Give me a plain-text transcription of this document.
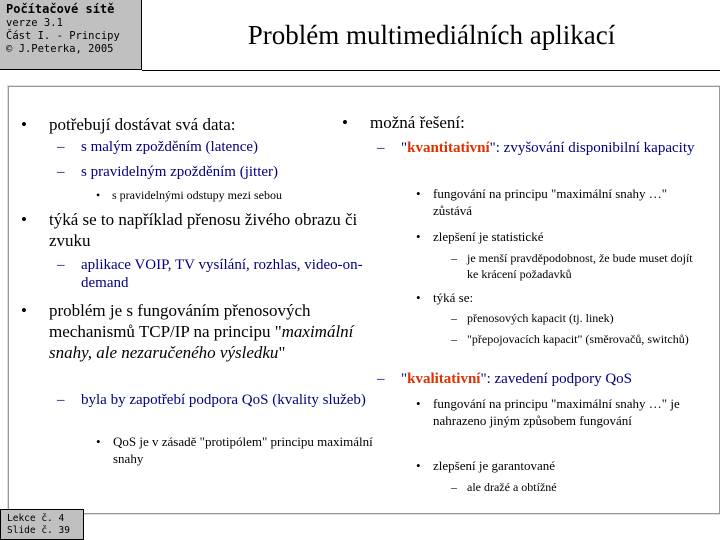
Počítačové sítě
verze 3.1
Část I. - Principy
© J.Peterka, 2005	Problém multimediálních aplikací
• potřebují dostávat svá data:
– s malým zpožděním (latence)
– s pravidelným zpožděním (jitter)
• s pravidelnými odstupy mezi sebou
• týká se to například přenosu živého obrazu či zvuku
– aplikace VOIP, TV vysílání, rozhlas, video-on-demand
• problém je s fungováním přenosových mechanismů TCP/IP na principu "maximální snahy, ale nezaručeného výsledku"
– byla by zapotřebí podpora QoS (kvality služeb)
• QoS je v zásadě "protipólem" principu maximální snahy
• možná řešení:
– "kvantitativní": zvyšování disponibilní kapacity
• fungování na principu "maximální snahy …" zůstává
• zlepšení je statistické
– je menší pravděpodobnost, že bude muset dojít ke krácení požadavků
• týká se:
– přenosových kapacit (tj. linek)
– "přepojovacích kapacit" (směrovačů, switchů)
– "kvalitativní": zavedení podpory QoS
• fungování na principu "maximální snahy …" je nahrazeno jiným způsobem fungování
• zlepšení je garantované
– ale dražé a obtížné
Lekce č. 4
Slide č. 39
